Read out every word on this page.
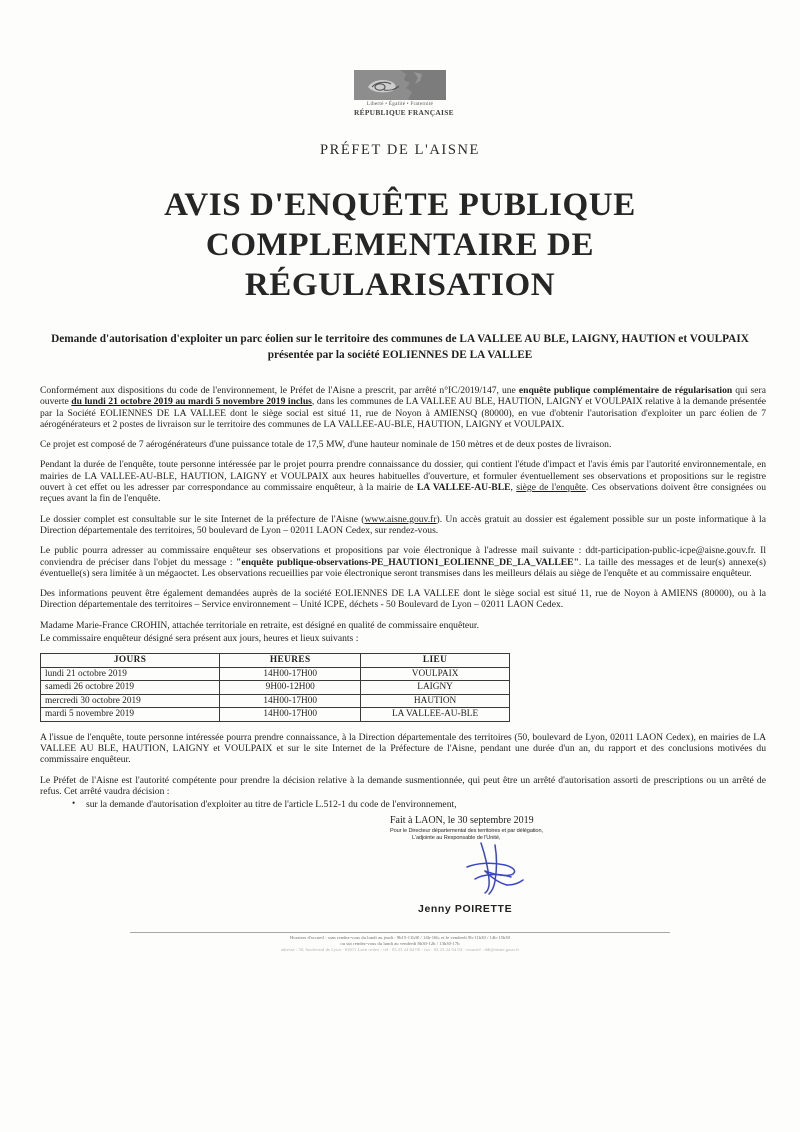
Liberté • Égalité • Fraternité
RÉPUBLIQUE FRANÇAISE
PRÉFET DE L'AISNE
AVIS D'ENQUÊTE PUBLIQUE
COMPLEMENTAIRE DE
RÉGULARISATION
Demande d'autorisation d'exploiter un parc éolien sur le territoire des communes de LA VALLEE AU BLE, LAIGNY, HAUTION et VOULPAIX présentée par la société EOLIENNES DE LA VALLEE

Conformément aux dispositions du code de l'environnement, le Préfet de l'Aisne a prescrit, par arrêté n°IC/2019/147, une enquête publique complémentaire de régularisation qui sera ouverte du lundi 21 octobre 2019 au mardi 5 novembre 2019 inclus, dans les communes de LA VALLEE AU BLE, HAUTION, LAIGNY et VOULPAIX relative à la demande présentée par la Société EOLIENNES DE LA VALLEE dont le siège social est situé 11, rue de Noyon à AMIENSQ (80000), en vue d'obtenir l'autorisation d'exploiter un parc éolien de 7 aérogénérateurs et 2 postes de livraison sur le territoire des communes de LA VALLEE-AU-BLE, HAUTION, LAIGNY et VOULPAIX.

Ce projet est composé de 7 aérogénérateurs d'une puissance totale de 17,5 MW, d'une hauteur nominale de 150 mètres et de deux postes de livraison.

Pendant la durée de l'enquête, toute personne intéressée par le projet pourra prendre connaissance du dossier, qui contient l'étude d'impact et l'avis émis par l'autorité environnementale, en mairies de LA VALLEE-AU-BLE, HAUTION, LAIGNY et VOULPAIX aux heures habituelles d'ouverture, et formuler éventuellement ses observations et propositions sur le registre ouvert à cet effet ou les adresser par correspondance au commissaire enquêteur, à la mairie de LA VALLEE-AU-BLE, siège de l'enquête. Ces observations doivent être consignées ou reçues avant la fin de l'enquête.

Le dossier complet est consultable sur le site Internet de la préfecture de l'Aisne (www.aisne.gouv.fr). Un accès gratuit au dossier est également possible sur un poste informatique à la Direction départementale des territoires, 50 boulevard de Lyon – 02011 LAON Cedex, sur rendez-vous.

Le public pourra adresser au commissaire enquêteur ses observations et propositions par voie électronique à l'adresse mail suivante : ddt-participation-public-icpe@aisne.gouv.fr. Il conviendra de préciser dans l'objet du message : "enquête publique-observations-PE_HAUTION1_EOLIENNE_DE_LA_VALLEE". La taille des messages et de leur(s) annexe(s) éventuelle(s) sera limitée à un mégaoctet. Les observations recueillies par voie électronique seront transmises dans les meilleurs délais au siège de l'enquête et au commissaire enquêteur.

Des informations peuvent être également demandées auprès de la société EOLIENNES DE LA VALLEE dont le siège social est situé 11, rue de Noyon à AMIENS (80000), ou à la Direction départementale des territoires – Service environnement – Unité ICPE, déchets - 50 Boulevard de Lyon – 02011 LAON Cedex.

Madame Marie-France CROHIN, attachée territoriale en retraite, est désigné en qualité de commissaire enquêteur.

Le commissaire enquêteur désigné sera présent aux jours, heures et lieux suivants :

JOURS	HEURES	LIEU
lundi 21 octobre 2019	14H00-17H00	VOULPAIX
samedi 26 octobre 2019	9H00-12H00	LAIGNY
mercredi 30 octobre 2019	14H00-17H00	HAUTION
mardi 5 novembre 2019	14H00-17H00	LA VALLEE-AU-BLE

A l'issue de l'enquête, toute personne intéressée pourra prendre connaissance, à la Direction départementale des territoires (50, boulevard de Lyon, 02011 LAON Cedex), en mairies de LA VALLEE AU BLE, HAUTION, LAIGNY et VOULPAIX et sur le site Internet de la Préfecture de l'Aisne, pendant une durée d'un an, du rapport et des conclusions motivées du commissaire enquêteur.

Le Préfet de l'Aisne est l'autorité compétente pour prendre la décision relative à la demande susmentionnée, qui peut être un arrêté d'autorisation assorti de prescriptions ou un arrêté de refus. Cet arrêté vaudra décision :

• sur la demande d'autorisation d'exploiter au titre de l'article L.512-1 du code de l'environnement,
Fait à LAON, le 30 septembre 2019
Pour le Directeur départemental des territoires et par délégation,
L'adjointe au Responsable de l'Unité,
Jenny POIRETTE
Horaires d'accueil : sans rendez-vous du lundi au jeudi : 9h15-11h30 / 14h-16h, et le vendredi 9h-11h30 / 14h-15h30
ou sur rendez-vous du lundi au vendredi 8h30-12h / 13h30-17h
adresse : 50, boulevard de Lyon - 02011 Laon cedex - tél : 03 23 24 64 00 - fax : 03 23 24 64 04 - courriel : ddt@aisne.gouv.fr
